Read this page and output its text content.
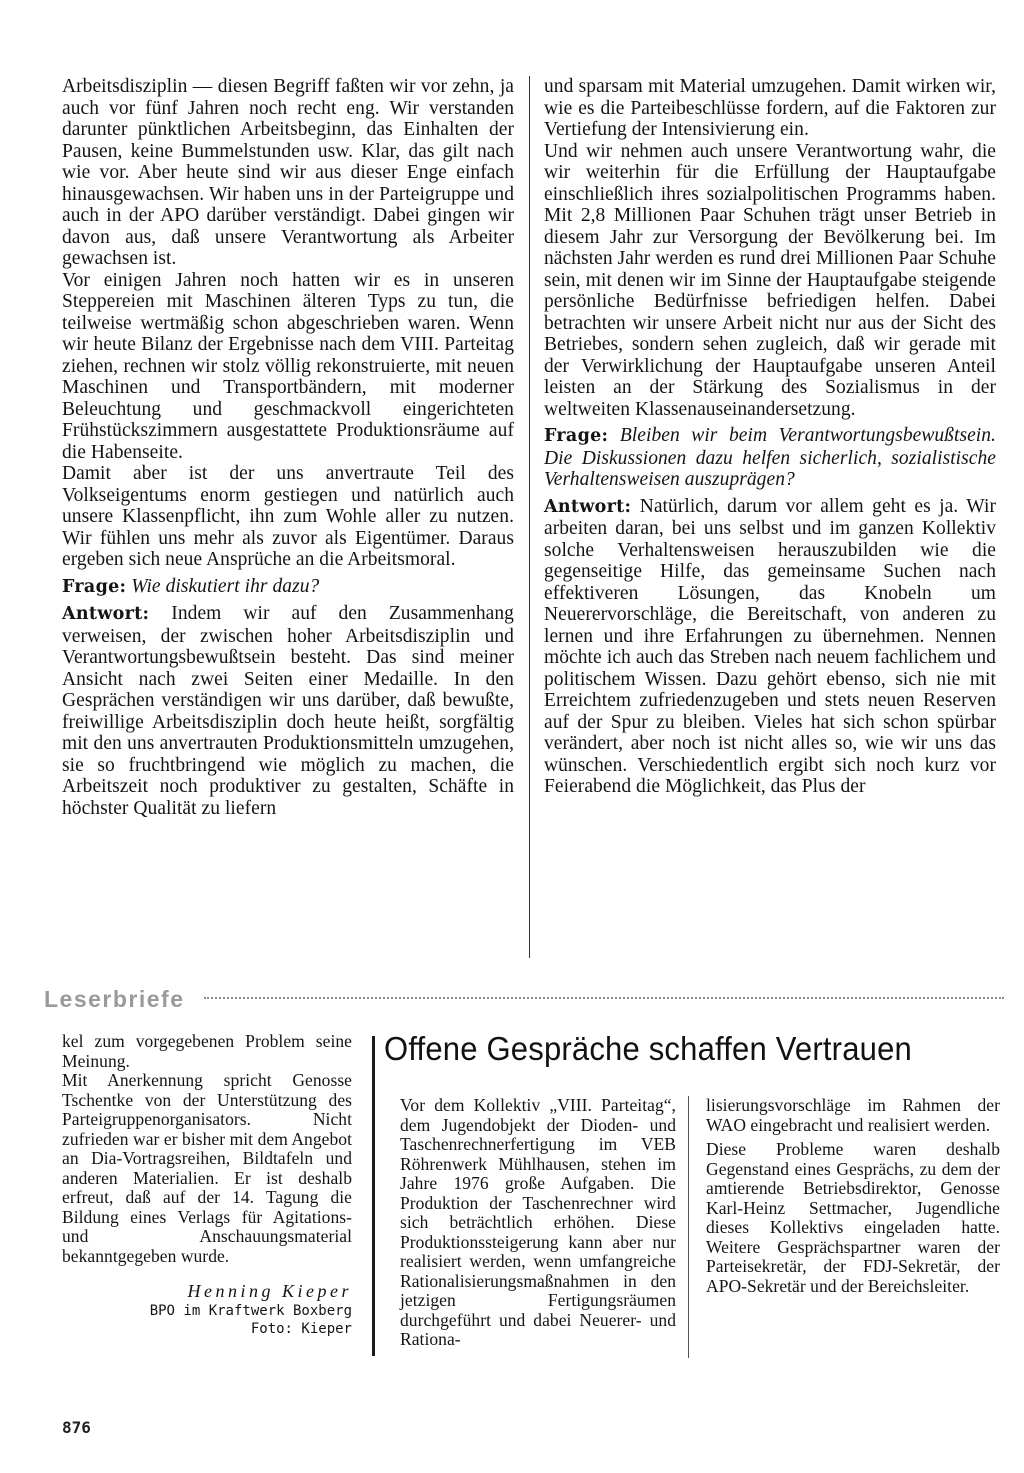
Arbeitsdisziplin — diesen Begriff faßten wir vor zehn, ja auch vor fünf Jahren noch recht eng. Wir verstanden darunter pünktlichen Arbeitsbeginn, das Einhalten der Pausen, keine Bummelstunden usw. Klar, das gilt nach wie vor. Aber heute sind wir aus dieser Enge einfach hinausgewachsen. Wir haben uns in der Parteigruppe und auch in der APO darüber verständigt. Dabei gingen wir davon aus, daß unsere Verantwortung als Arbeiter gewachsen ist.

Vor einigen Jahren noch hatten wir es in unseren Steppereien mit Maschinen älteren Typs zu tun, die teilweise wertmäßig schon abgeschrieben waren. Wenn wir heute Bilanz der Ergebnisse nach dem VIII. Parteitag ziehen, rechnen wir stolz völlig rekonstruierte, mit neuen Maschinen und Transportbändern, mit moderner Beleuchtung und geschmackvoll eingerichteten Frühstückszimmern ausgestattete Produktionsräume auf die Habenseite.

Damit aber ist der uns anvertraute Teil des Volkseigentums enorm gestiegen und natürlich auch unsere Klassenpflicht, ihn zum Wohle aller zu nutzen. Wir fühlen uns mehr als zuvor als Eigentümer. Daraus ergeben sich neue Ansprüche an die Arbeitsmoral.

Frage: Wie diskutiert ihr dazu?

Antwort: Indem wir auf den Zusammenhang verweisen, der zwischen hoher Arbeitsdisziplin und Verantwortungsbewußtsein besteht. Das sind meiner Ansicht nach zwei Seiten einer Medaille. In den Gesprächen verständigen wir uns darüber, daß bewußte, freiwillige Arbeitsdisziplin doch heute heißt, sorgfältig mit den uns anvertrauten Produktionsmitteln umzugehen, sie so fruchtbringend wie möglich zu machen, die Arbeitszeit noch produktiver zu gestalten, Schäfte in höchster Qualität zu liefern

und sparsam mit Material umzugehen. Damit wirken wir, wie es die Parteibeschlüsse fordern, auf die Faktoren zur Vertiefung der Intensivierung ein.

Und wir nehmen auch unsere Verantwortung wahr, die wir weiterhin für die Erfüllung der Hauptaufgabe einschließlich ihres sozialpolitischen Programms haben. Mit 2,8 Millionen Paar Schuhen trägt unser Betrieb in diesem Jahr zur Versorgung der Bevölkerung bei. Im nächsten Jahr werden es rund drei Millionen Paar Schuhe sein, mit denen wir im Sinne der Hauptaufgabe steigende persönliche Bedürfnisse befriedigen helfen. Dabei betrachten wir unsere Arbeit nicht nur aus der Sicht des Betriebes, sondern sehen zugleich, daß wir gerade mit der Verwirklichung der Hauptaufgabe unseren Anteil leisten an der Stärkung des Sozialismus in der weltweiten Klassenauseinandersetzung.

Frage: Bleiben wir beim Verantwortungsbewußtsein. Die Diskussionen dazu helfen sicherlich, sozialistische Verhaltensweisen auszuprägen?

Antwort: Natürlich, darum vor allem geht es ja. Wir arbeiten daran, bei uns selbst und im ganzen Kollektiv solche Verhaltensweisen herauszubilden wie die gegenseitige Hilfe, das gemeinsame Suchen nach effektiveren Lösungen, das Knobeln um Neuerervorschläge, die Bereitschaft, von anderen zu lernen und ihre Erfahrungen zu übernehmen. Nennen möchte ich auch das Streben nach neuem fachlichem und politischem Wissen. Dazu gehört ebenso, sich nie mit Erreichtem zufriedenzugeben und stets neuen Reserven auf der Spur zu bleiben. Vieles hat sich schon spürbar verändert, aber noch ist nicht alles so, wie wir uns das wünschen. Verschiedentlich ergibt sich noch kurz vor Feierabend die Möglichkeit, das Plus der

Leserbriefe

kel zum vorgegebenen Problem seine Meinung.

Mit Anerkennung spricht Genosse Tschentke von der Unterstützung des Parteigruppenorganisators. Nicht zufrieden war er bisher mit dem Angebot an Dia-Vortragsreihen, Bildtafeln und anderen Materialien. Er ist deshalb erfreut, daß auf der 14. Tagung die Bildung eines Verlags für Agitations- und Anschauungsmaterial bekanntgegeben wurde.

Henning Kieper
BPO im Kraftwerk Boxberg
Foto: Kieper
Offene Gespräche schaffen Vertrauen

Vor dem Kollektiv „VIII. Parteitag“, dem Jugendobjekt der Dioden- und Taschenrechnerfertigung im VEB Röhrenwerk Mühlhausen, stehen im Jahre 1976 große Aufgaben. Die Produktion der Taschenrechner wird sich beträchtlich erhöhen. Diese Produktionssteigerung kann aber nur realisiert werden, wenn umfangreiche Rationalisierungsmaßnahmen in den jetzigen Fertigungsräumen durchgeführt und dabei Neuerer- und Rationa-

lisierungsvorschläge im Rahmen der WAO eingebracht und realisiert werden.

Diese Probleme waren deshalb Gegenstand eines Gesprächs, zu dem der amtierende Betriebsdirektor, Genosse Karl-Heinz Settmacher, Jugendliche dieses Kollektivs eingeladen hatte. Weitere Gesprächspartner waren der Parteisekretär, der FDJ-Sekretär, der APO-Sekretär und der Bereichsleiter.

876
